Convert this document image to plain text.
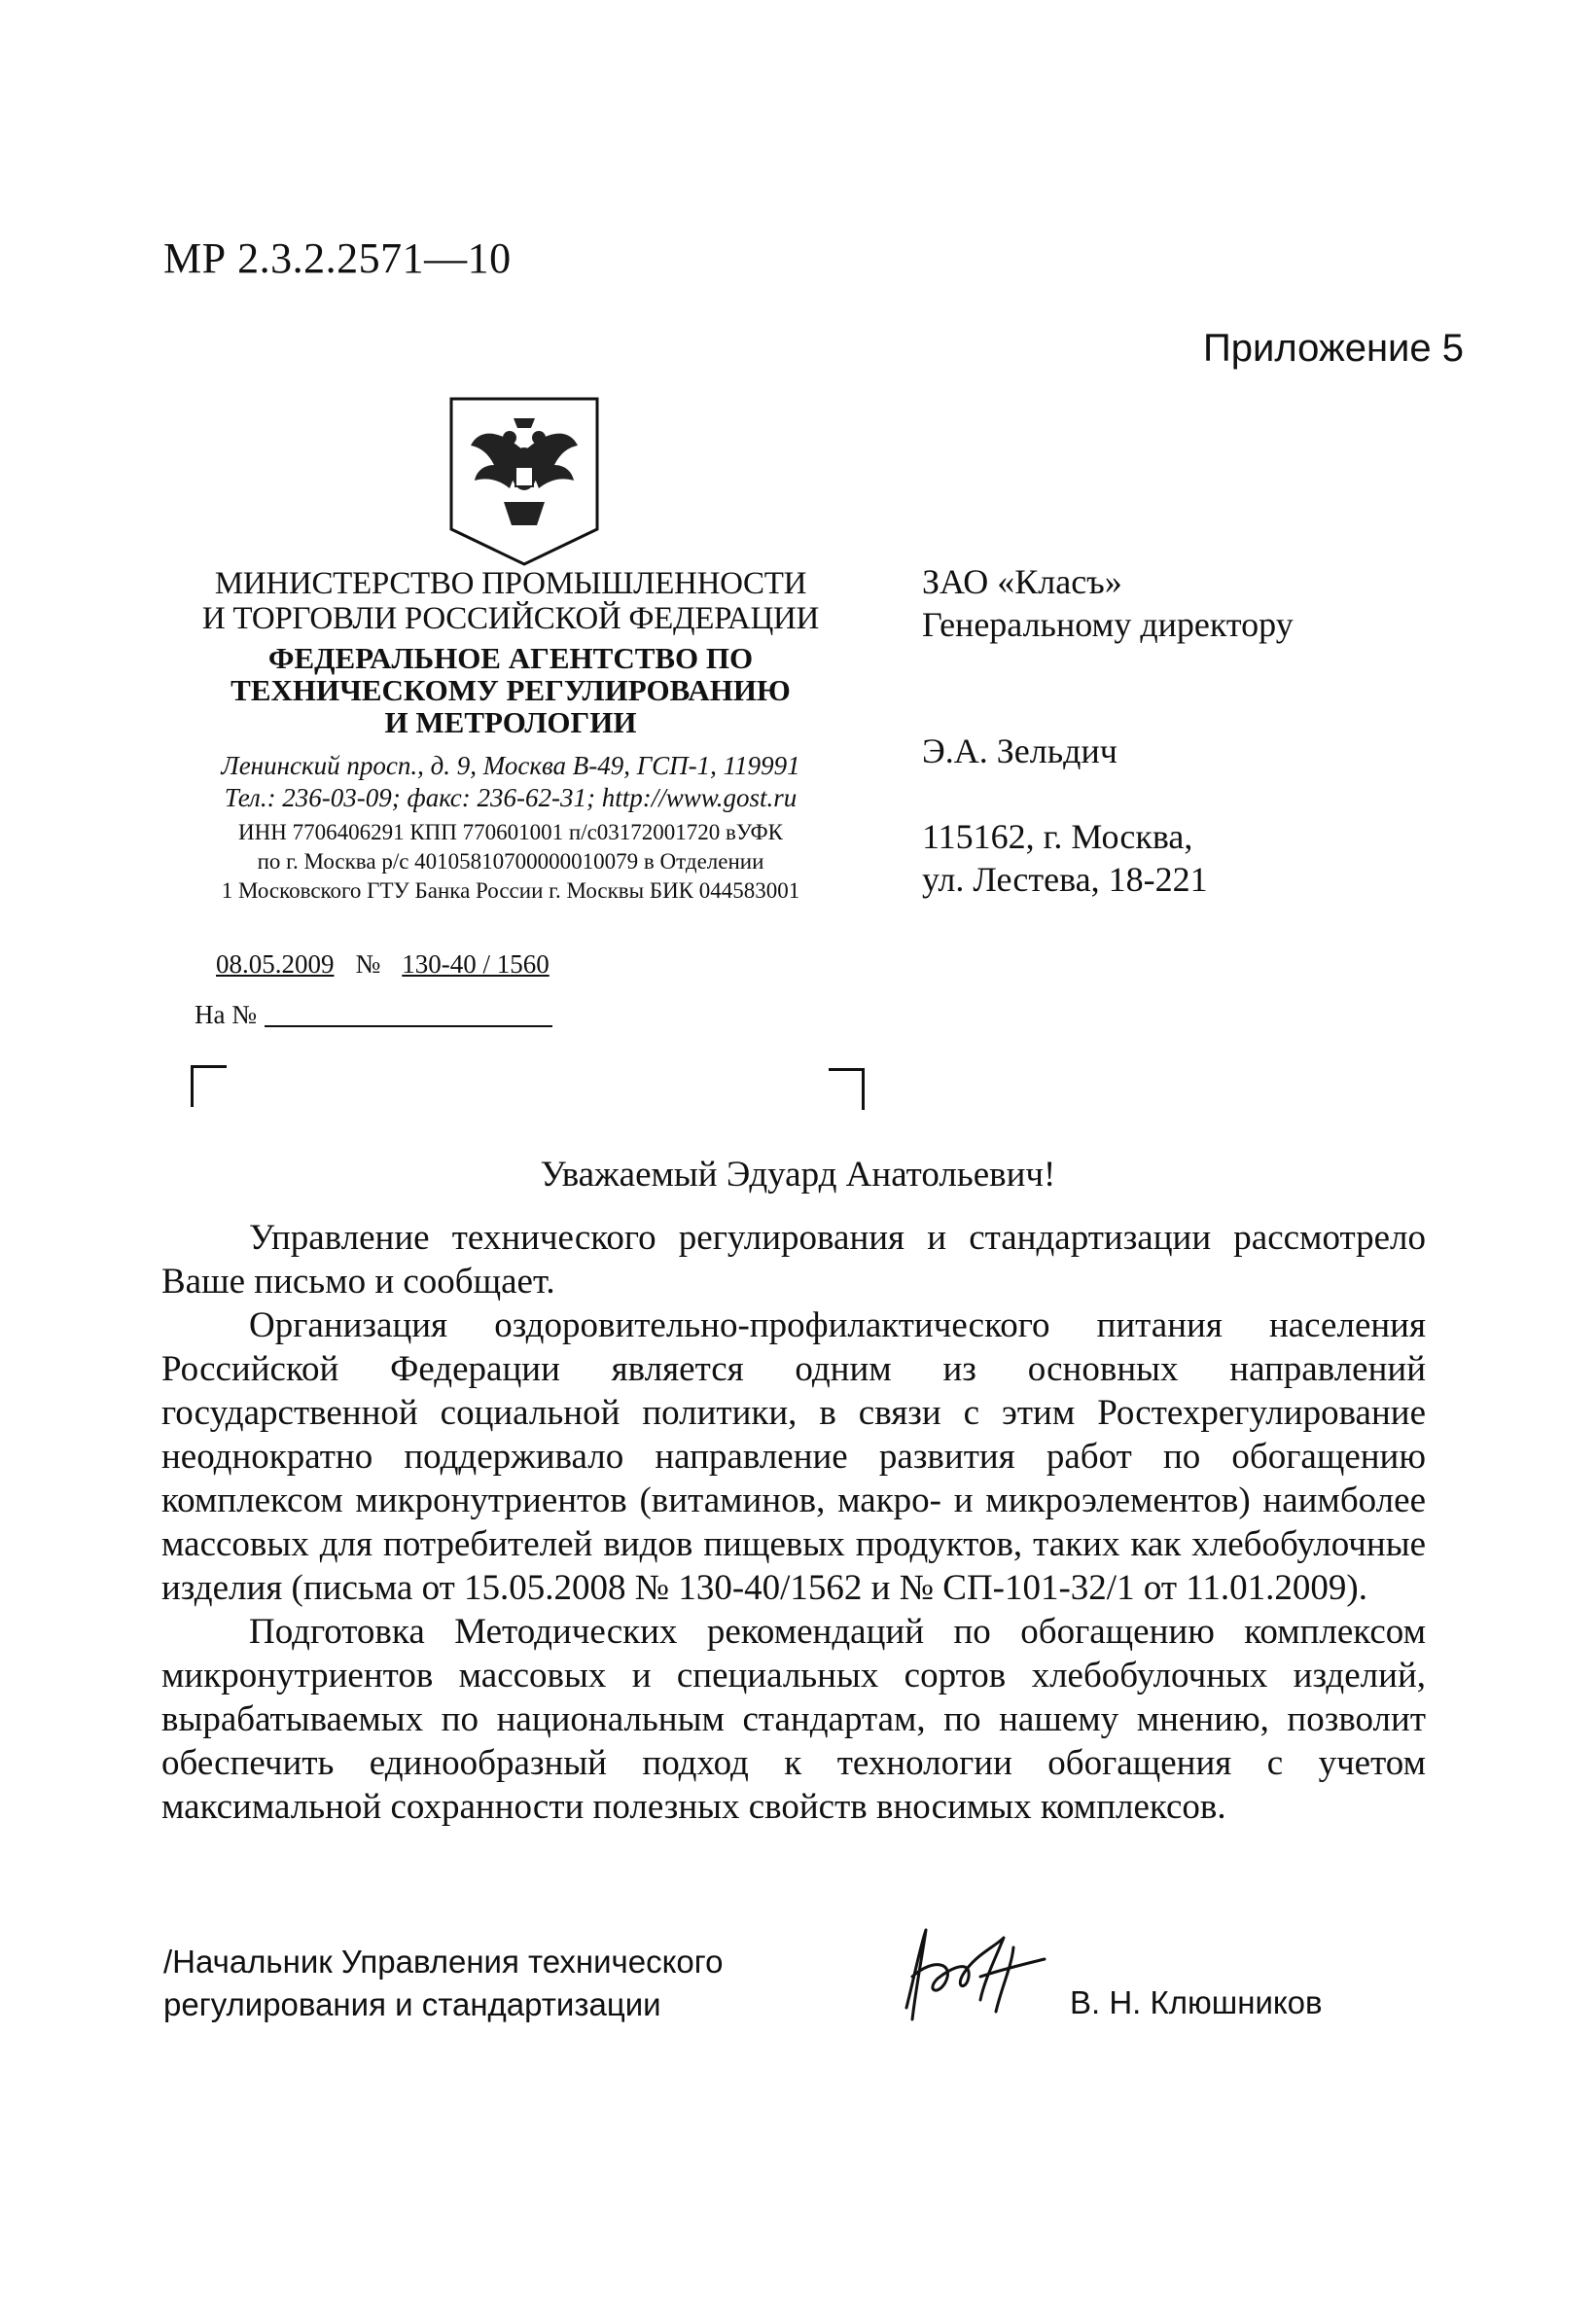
МР 2.3.2.2571—10
Приложение 5
МИНИСТЕРСТВО ПРОМЫШЛЕННОСТИ
И ТОРГОВЛИ РОССИЙСКОЙ ФЕДЕРАЦИИ
ФЕДЕРАЛЬНОЕ АГЕНТСТВО ПО
ТЕХНИЧЕСКОМУ РЕГУЛИРОВАНИЮ
И МЕТРОЛОГИИ
Ленинский просп., д. 9, Москва В-49, ГСП-1, 119991
Тел.: 236-03-09; факс: 236-62-31; http://www.gost.ru
ИНН 7706406291 КПП 770601001 п/с03172001720 вУФК
по г. Москва р/с 40105810700000010079 в Отделении
1 Московского ГТУ Банка России г. Москвы БИК 044583001
08.05.2009 № 130-40 / 1560
На №
ЗАО «Класъ»
Генеральному директору
Э.А. Зельдич
115162, г. Москва,
ул. Лестева, 18-221
Уважаемый Эдуард Анатольевич!

Управление технического регулирования и стандартизации рассмотрело Ваше письмо и сообщает.

Организация оздоровительно-профилактического питания населения Российской Федерации является одним из основных направлений государственной социальной политики, в связи с этим Ростехрегулирование неоднократно поддерживало направление развития работ по обогащению комплексом микронутриентов (витаминов, макро- и микроэлементов) наимболее массовых для потребителей видов пищевых продуктов, таких как хлебобулочные изделия (письма от 15.05.2008 № 130-40/1562 и № СП-101-32/1 от 11.01.2009).

Подготовка Методических рекомендаций по обогащению комплексом микронутриентов массовых и специальных сортов хлебобулочных изделий, вырабатываемых по национальным стандартам, по нашему мнению, позволит обеспечить единообразный подход к технологии обогащения с учетом максимальной сохранности полезных свойств вносимых комплексов.

/Начальник Управления технического
регулирования и стандартизации	В. Н. Клюшников
